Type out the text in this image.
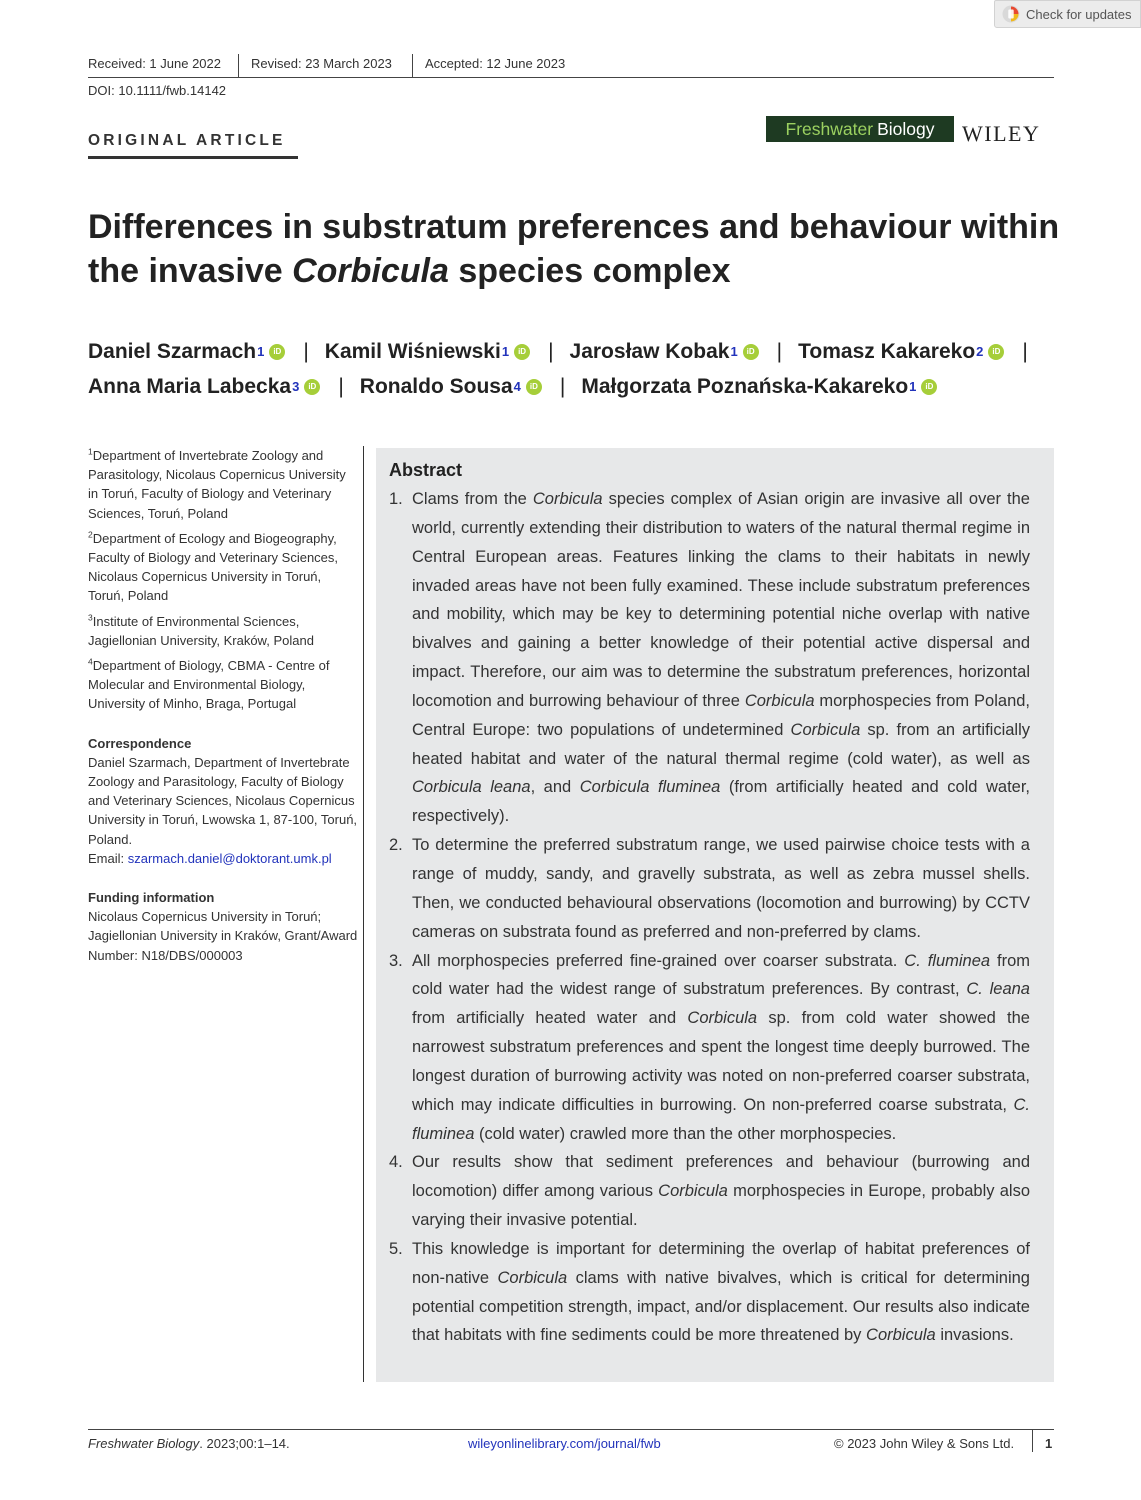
Check for updates
Received: 1 June 2022	Revised: 23 March 2023	Accepted: 12 June 2023
DOI: 10.1111/fwb.14142
ORIGINAL ARTICLE
Freshwater Biology WILEY
Differences in substratum preferences and behaviour within the invasive Corbicula species complex
Daniel Szarmach 1	iD | Kamil Wiśniewski 1	iD | Jarosław Kobak 1	iD | Tomasz Kakareko 2	iD |
Anna Maria Labecka 3	iD | Ronaldo Sousa 4	iD | Małgorzata Poznańska-Kakareko 1	iD
$^1$Department of Invertebrate Zoology and Parasitology, Nicolaus Copernicus University in Toruń, Faculty of Biology and Veterinary Sciences, Toruń, Poland
$^2$Department of Ecology and Biogeography, Faculty of Biology and Veterinary Sciences, Nicolaus Copernicus University in Toruń, Toruń, Poland
$^3$Institute of Environmental Sciences, Jagiellonian University, Kraków, Poland
$^4$Department of Biology, CBMA - Centre of Molecular and Environmental Biology, University of Minho, Braga, Portugal
Correspondence
Daniel Szarmach, Department of Invertebrate Zoology and Parasitology, Faculty of Biology and Veterinary Sciences, Nicolaus Copernicus University in Toruń, Lwowska 1, 87-100, Toruń, Poland.
Email: szarmach.daniel@doktorant.umk.pl
Funding information
Nicolaus Copernicus University in Toruń; Jagiellonian University in Kraków, Grant/Award Number: N18/DBS/000003
Abstract
1. Clams from the Corbicula species complex of Asian origin are invasive all over the world, currently extending their distribution to waters of the natural thermal regime in Central European areas. Features linking the clams to their habitats in newly invaded areas have not been fully examined. These include substratum preferences and mobility, which may be key to determining potential niche overlap with native bivalves and gaining a better knowledge of their potential active dispersal and impact. Therefore, our aim was to determine the substratum preferences, horizontal locomotion and burrowing behaviour of three Corbicula morphospecies from Poland, Central Europe: two populations of undetermined Corbicula sp. from an artificially heated habitat and water of the natural thermal regime (cold water), as well as Corbicula leana, and Corbicula fluminea (from artificially heated and cold water, respectively).
2. To determine the preferred substratum range, we used pairwise choice tests with a range of muddy, sandy, and gravelly substrata, as well as zebra mussel shells. Then, we conducted behavioural observations (locomotion and burrowing) by CCTV cameras on substrata found as preferred and non-preferred by clams.
3. All morphospecies preferred fine-grained over coarser substrata. C. fluminea from cold water had the widest range of substratum preferences. By contrast, C. leana from artificially heated water and Corbicula sp. from cold water showed the narrowest substratum preferences and spent the longest time deeply burrowed. The longest duration of burrowing activity was noted on non-preferred coarser substrata, which may indicate difficulties in burrowing. On non-preferred coarse substrata, C. fluminea (cold water) crawled more than the other morphospecies.
4. Our results show that sediment preferences and behaviour (burrowing and locomotion) differ among various Corbicula morphospecies in Europe, probably also varying their invasive potential.
5. This knowledge is important for determining the overlap of habitat preferences of non-native Corbicula clams with native bivalves, which is critical for determining potential competition strength, impact, and/or displacement. Our results also indicate that habitats with fine sediments could be more threatened by Corbicula invasions.
Freshwater Biology. 2023;00:1–14.	wileyonlinelibrary.com/journal/fwb	© 2023 John Wiley & Sons Ltd. 1
